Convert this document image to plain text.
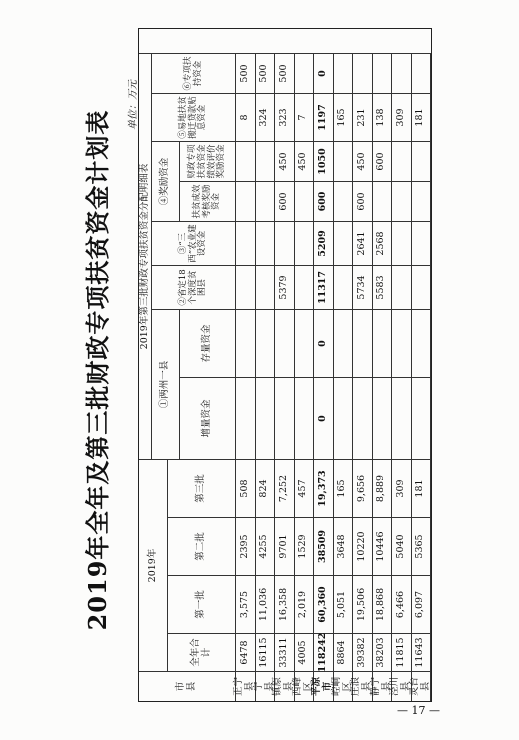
2019年全年及第三批财政专项扶贫资金计划表
单位：万元
市　　县
2019年
全年合计
第一批
第二批
第三批
2019年第三批财政专项扶贫资金分配明细表
①两州一县
增量资金
存量资金
②省定18个深度贫困县
③“三西”农业建设资金
④奖励资金	扶贫成效考核奖励资金
财政专项扶贫资金绩效评价奖励资金
⑤易地扶贫搬迁贷款贴息资金
⑥专项扶持资金
正宁县
6478
3,575
2395
508
8
500
宁　县
16115
11,036
4255
824
324
500
镇原县
33311
16,358
9701
7,252
5379
600
450
323
500
西峰区
4005
2,019
1529
457
450
7
平凉市
118242
60,360
38509
19,373
0
0
11317
5209
600
1050
1197
0
崆峒区
8864
5,051
3648
165
165
庄浪县
39382
19,506
10220
9,656
5734
2641
600
450
231
静宁县
38203
18,868
10446
8,889
5583
2568
600
138
泾川县
11815
6,466
5040
309
309
灵台县
11643
6,097
5365
181
181
— 17 —
